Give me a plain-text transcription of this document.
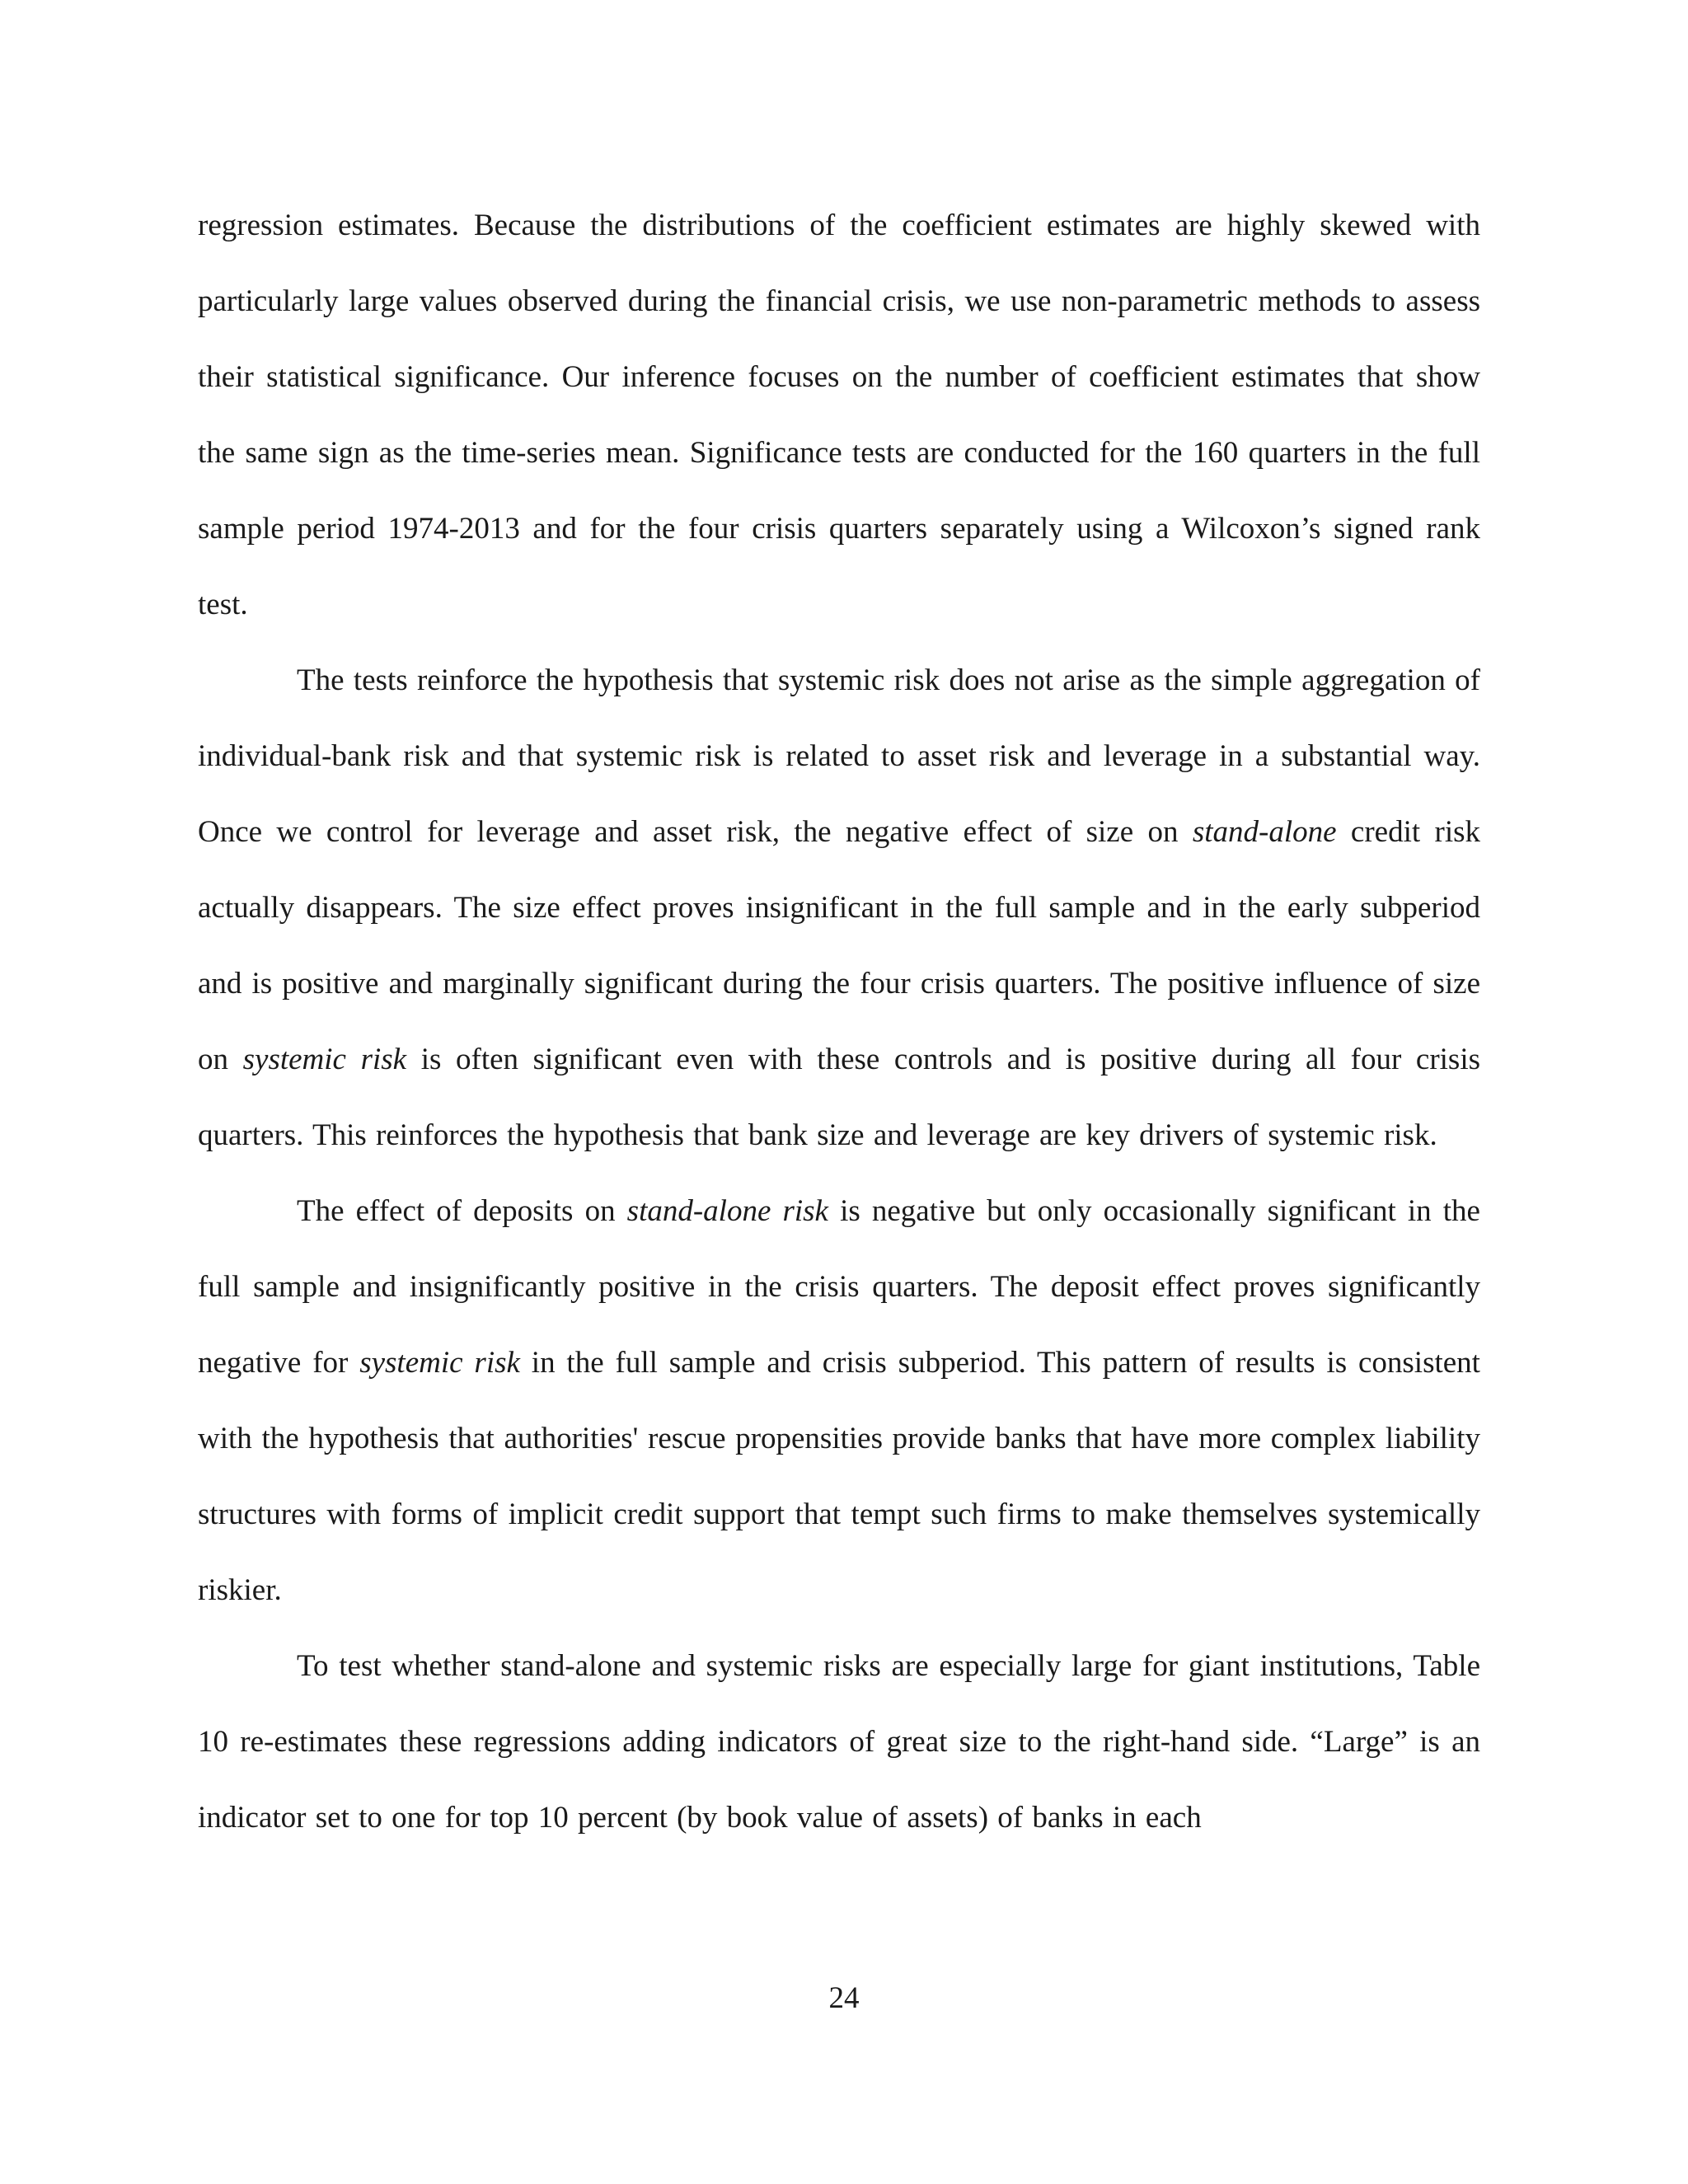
regression estimates. Because the distributions of the coefficient estimates are highly skewed with particularly large values observed during the financial crisis, we use non-parametric methods to assess their statistical significance. Our inference focuses on the number of coefficient estimates that show the same sign as the time-series mean. Significance tests are conducted for the 160 quarters in the full sample period 1974-2013 and for the four crisis quarters separately using a Wilcoxon’s signed rank test.

The tests reinforce the hypothesis that systemic risk does not arise as the simple aggregation of individual-bank risk and that systemic risk is related to asset risk and leverage in a substantial way. Once we control for leverage and asset risk, the negative effect of size on stand-alone credit risk actually disappears. The size effect proves insignificant in the full sample and in the early subperiod and is positive and marginally significant during the four crisis quarters. The positive influence of size on systemic risk is often significant even with these controls and is positive during all four crisis quarters. This reinforces the hypothesis that bank size and leverage are key drivers of systemic risk.

The effect of deposits on stand-alone risk is negative but only occasionally significant in the full sample and insignificantly positive in the crisis quarters. The deposit effect proves significantly negative for systemic risk in the full sample and crisis subperiod. This pattern of results is consistent with the hypothesis that authorities' rescue propensities provide banks that have more complex liability structures with forms of implicit credit support that tempt such firms to make themselves systemically riskier.

To test whether stand-alone and systemic risks are especially large for giant institutions, Table 10 re-estimates these regressions adding indicators of great size to the right-hand side. “Large” is an indicator set to one for top 10 percent (by book value of assets) of banks in each

24
